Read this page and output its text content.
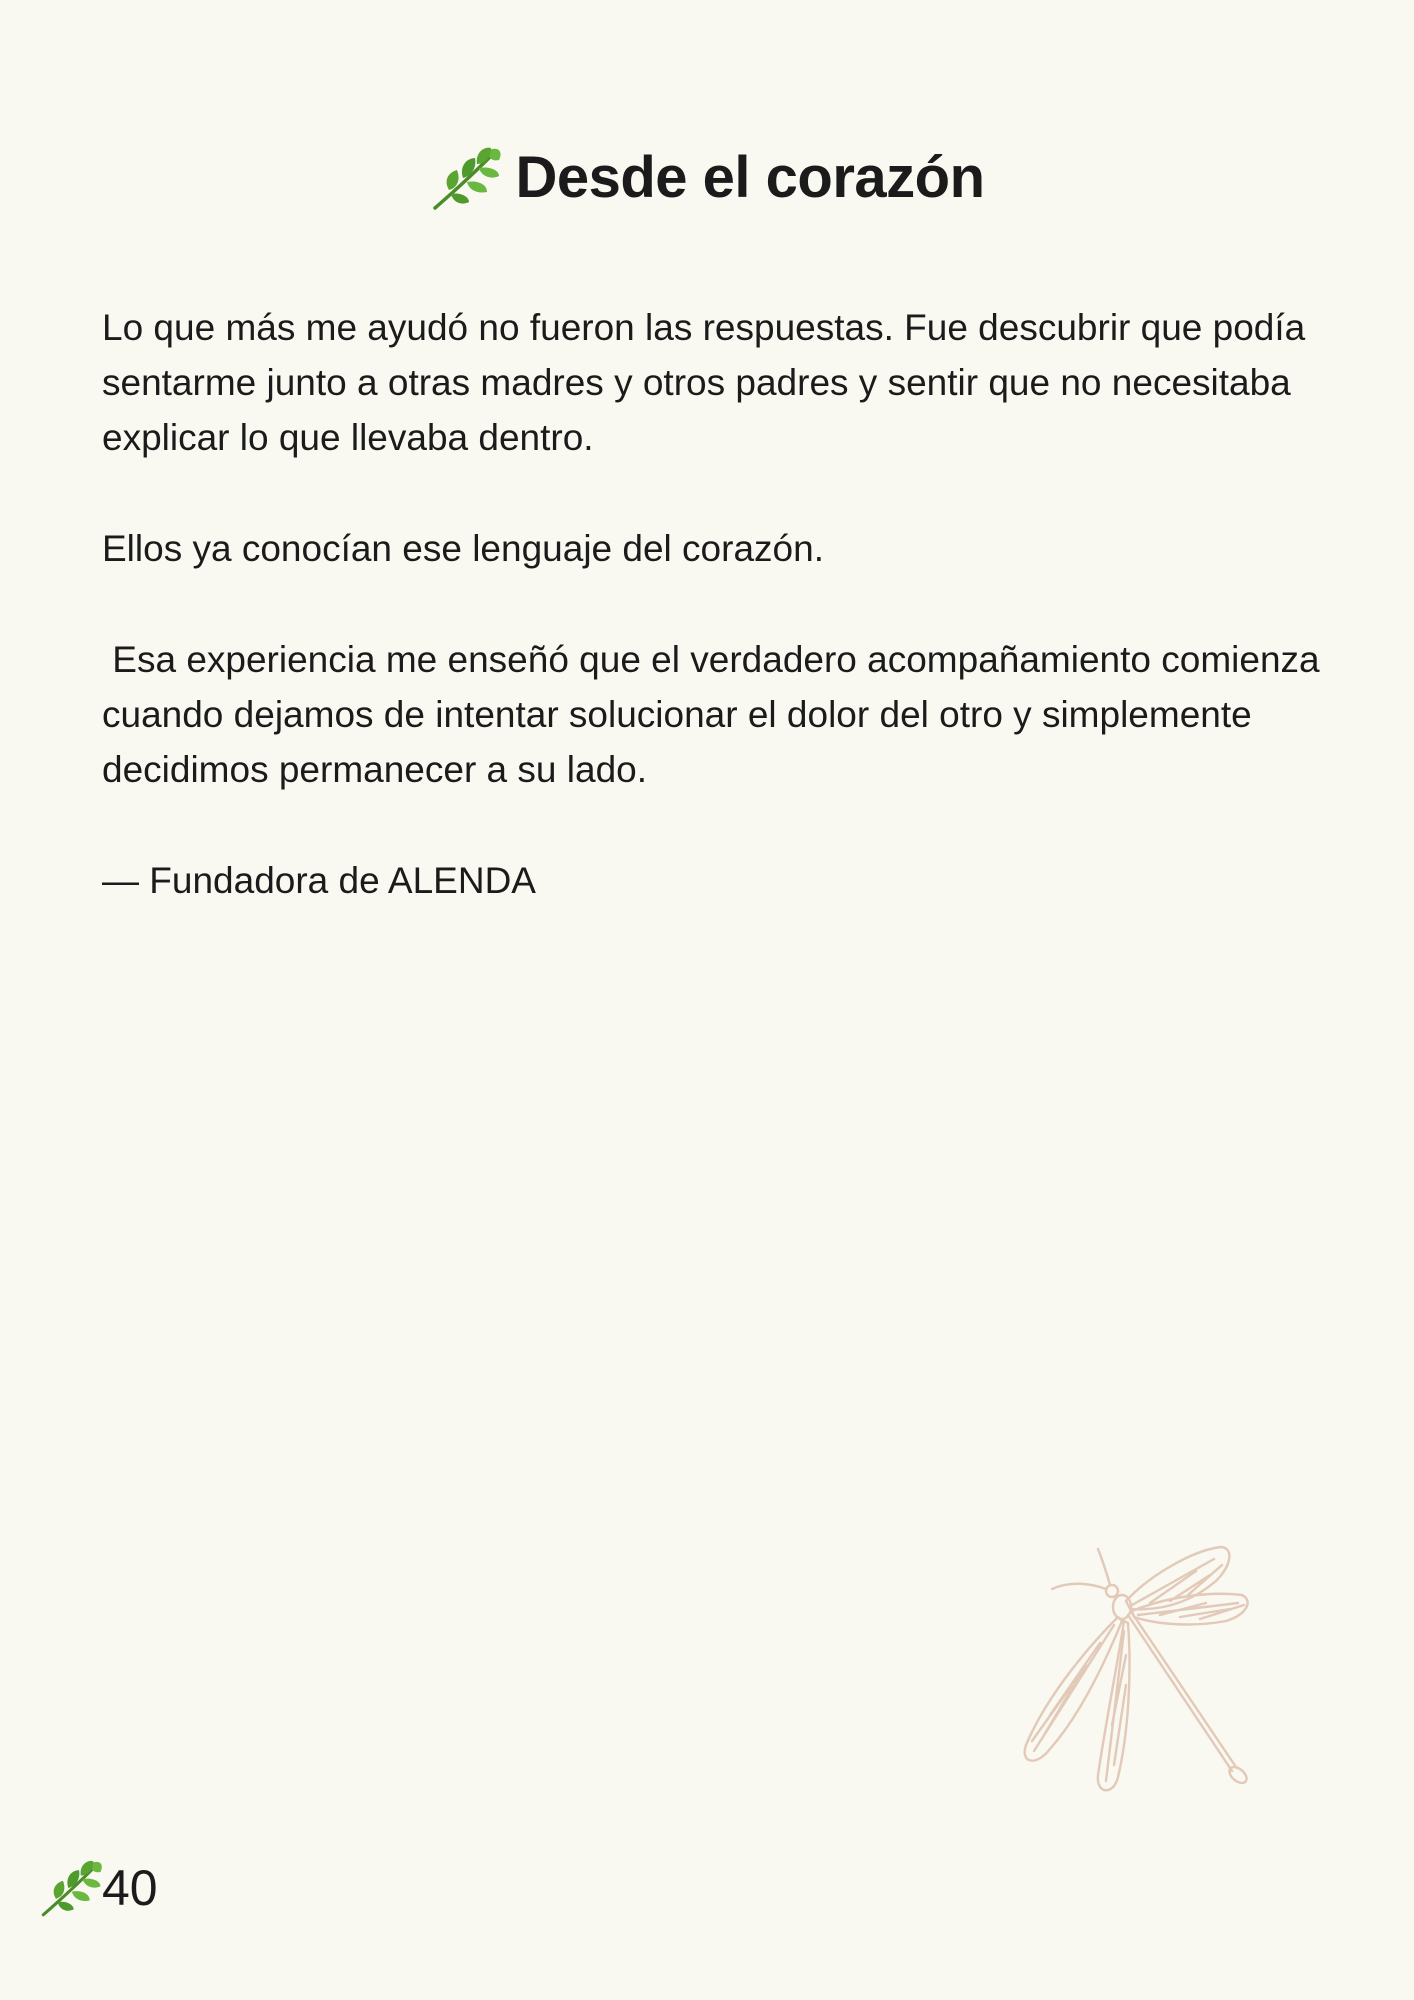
Desde el corazón

Lo que más me ayudó no fueron las respuestas. Fue descubrir que podía sentarme junto a otras madres y otros padres y sentir que no necesitaba explicar lo que llevaba dentro.

Ellos ya conocían ese lenguaje del corazón.

Esa experiencia me enseñó que el verdadero acompañamiento comienza cuando dejamos de intentar solucionar el dolor del otro y simplemente decidimos permanecer a su lado.

— Fundadora de ALENDA

40
